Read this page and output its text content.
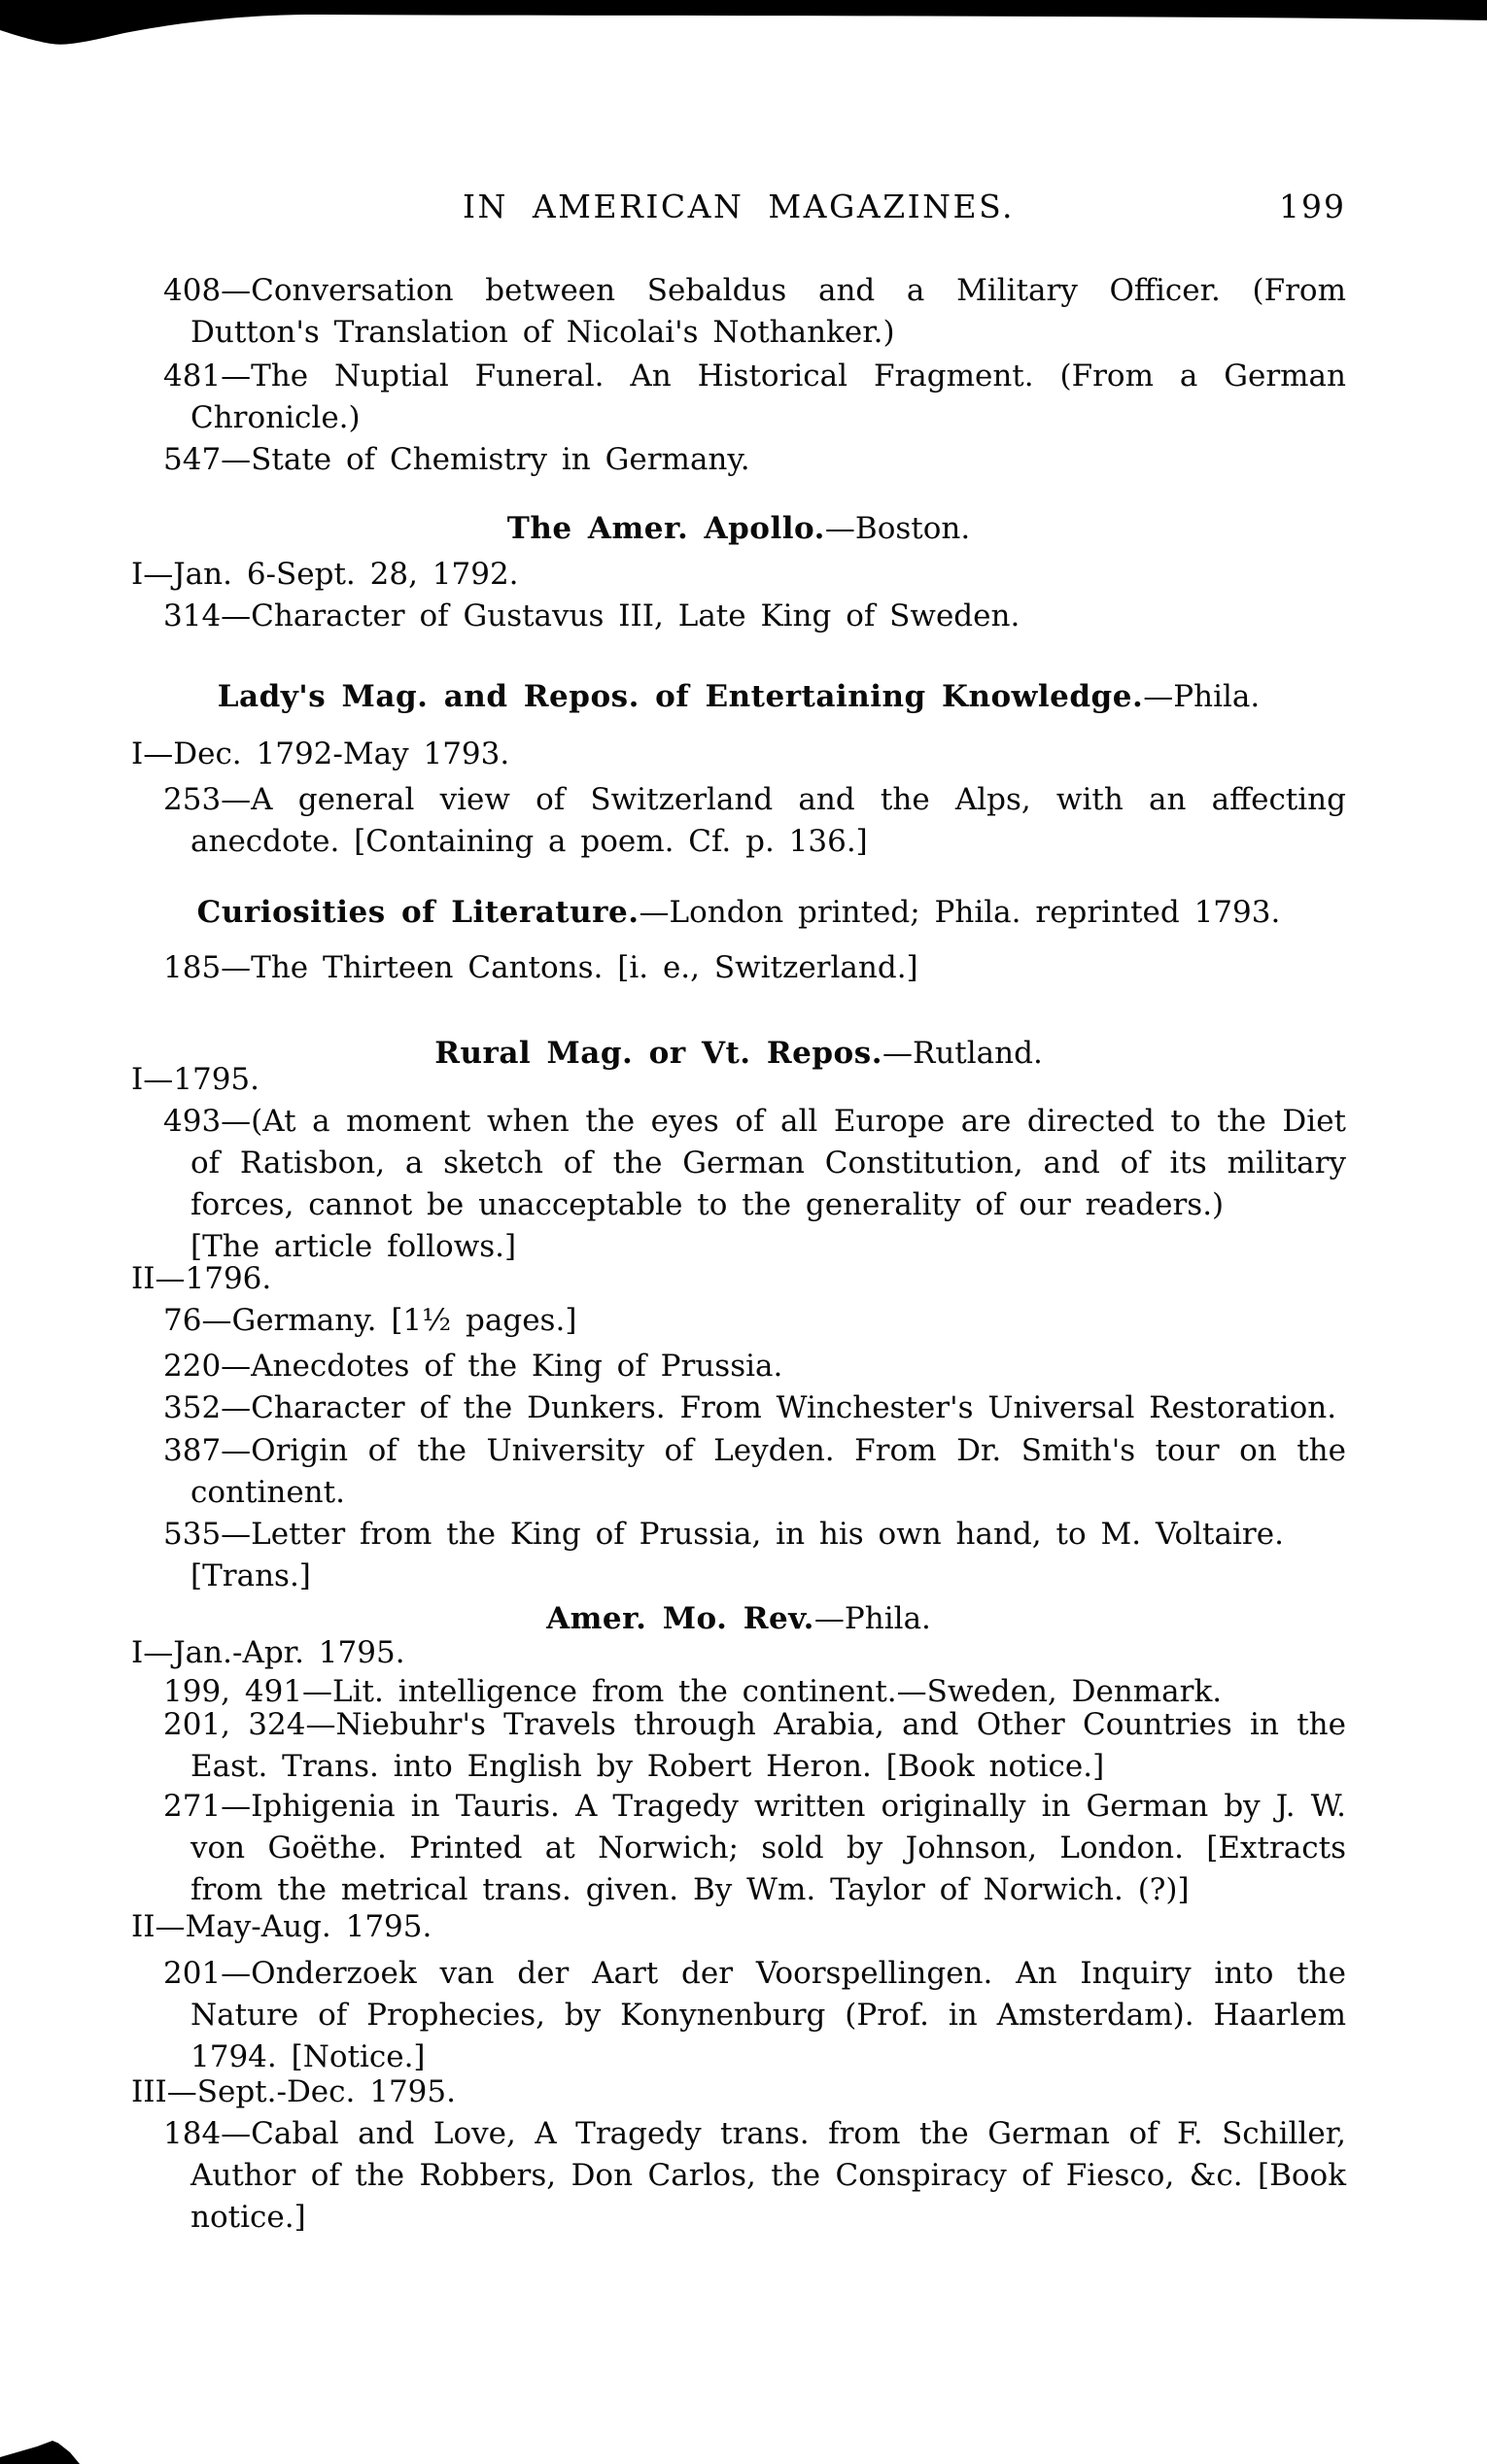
IN AMERICAN MAGAZINES.	199
408—Conversation between Sebaldus and a Military Officer. (From Dutton's Translation of Nicolai's Nothanker.)
481—The Nuptial Funeral. An Historical Fragment. (From a German Chronicle.)
547—State of Chemistry in Germany.
The Amer. Apollo.—Boston.
I—Jan. 6-Sept. 28, 1792.
314—Character of Gustavus III, Late King of Sweden.
Lady's Mag. and Repos. of Entertaining Knowledge.—Phila.
I—Dec. 1792-May 1793.
253—A general view of Switzerland and the Alps, with an affecting anecdote. [Containing a poem. Cf. p. 136.]
Curiosities of Literature.—London printed; Phila. reprinted 1793.
185—The Thirteen Cantons. [i. e., Switzerland.]
Rural Mag. or Vt. Repos.—Rutland.
I—1795.
493—(At a moment when the eyes of all Europe are directed to the Diet of Ratisbon, a sketch of the German Constitution, and of its military forces, cannot be unacceptable to the generality of our readers.)
[The article follows.]
II—1796.
76—Germany. [1½ pages.]
220—Anecdotes of the King of Prussia.
352—Character of the Dunkers. From Winchester's Universal Restoration.
387—Origin of the University of Leyden. From Dr. Smith's tour on the continent.
535—Letter from the King of Prussia, in his own hand, to M. Voltaire.
[Trans.]
Amer. Mo. Rev.—Phila.
I—Jan.-Apr. 1795.
199, 491—Lit. intelligence from the continent.—Sweden, Denmark.
201, 324—Niebuhr's Travels through Arabia, and Other Countries in the East. Trans. into English by Robert Heron. [Book notice.]
271—Iphigenia in Tauris. A Tragedy written originally in German by J. W. von Goëthe. Printed at Norwich; sold by Johnson, London. [Extracts from the metrical trans. given. By Wm. Taylor of Norwich. (?)]
II—May-Aug. 1795.
201—Onderzoek van der Aart der Voorspellingen. An Inquiry into the Nature of Prophecies, by Konynenburg (Prof. in Amsterdam). Haarlem 1794. [Notice.]
III—Sept.-Dec. 1795.
184—Cabal and Love, A Tragedy trans. from the German of F. Schiller, Author of the Robbers, Don Carlos, the Conspiracy of Fiesco, &c. [Book notice.]
